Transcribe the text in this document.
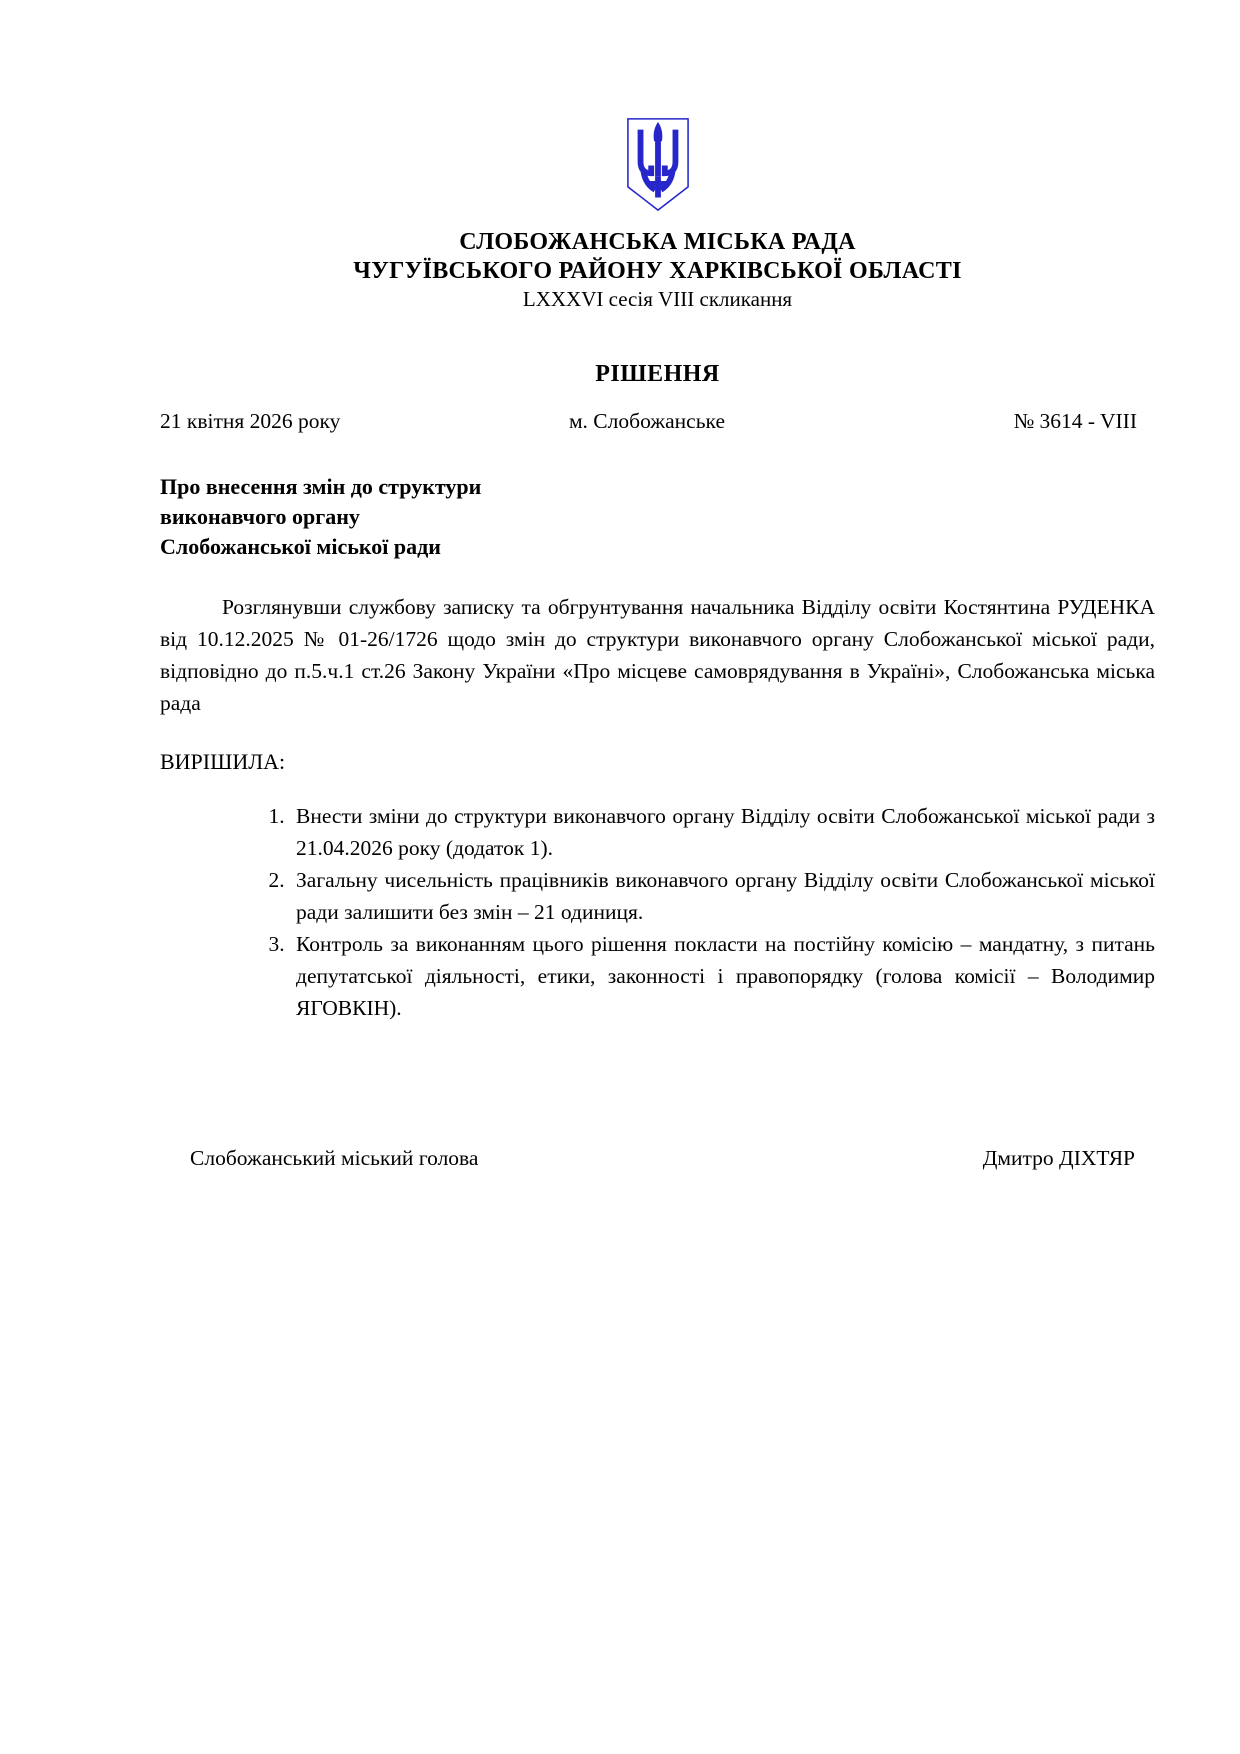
СЛОБОЖАНСЬКА МІСЬКА РАДА
ЧУГУЇВСЬКОГО РАЙОНУ ХАРКІВСЬКОЇ ОБЛАСТІ
LXXXVI сесія VIII скликання
РІШЕННЯ
21 квітня 2026 року	м. Слобожанське	№ 3614 - VIII
Про внесення змін до структури
виконавчого органу
Слобожанської міської ради

Розглянувши службову записку та обгрунтування начальника Відділу освіти Костянтина РУДЕНКА від 10.12.2025 № 01-26/1726 щодо змін до структури виконавчого органу Слобожанської міської ради, відповідно до п.5.ч.1 ст.26 Закону України «Про місцеве самоврядування в Україні», Слобожанська міська рада

ВИРІШИЛА:
1. Внести зміни до структури виконавчого органу Відділу освіти Слобожанської міської ради з 21.04.2026 року (додаток 1).
2. Загальну чисельність працівників виконавчого органу Відділу освіти Слобожанської міської ради залишити без змін – 21 одиниця.
3. Контроль за виконанням цього рішення покласти на постійну комісію – мандатну, з питань депутатської діяльності, етики, законності і правопорядку (голова комісії – Володимир ЯГОВКІН).
Слобожанський міський голова	Дмитро ДІХТЯР
